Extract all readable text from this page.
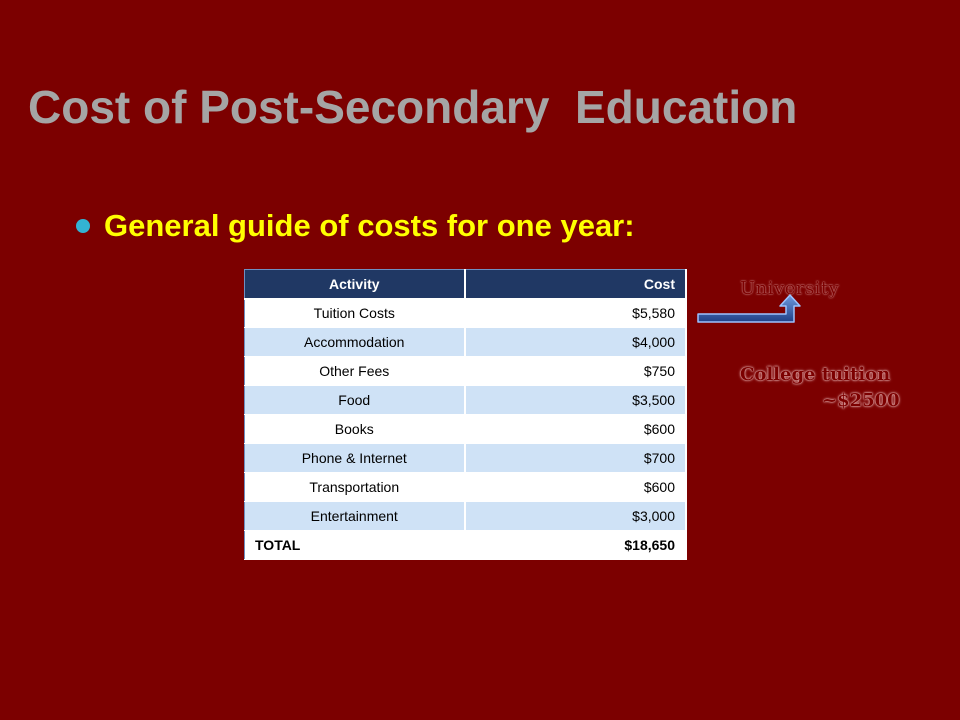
Cost of Post-Secondary  Education
General guide of costs for one year:
Activity	Cost
Tuition Costs	$5,580
Accommodation	$4,000
Other Fees	$750
Food	$3,500
Books	$600
Phone & Internet	$700
Transportation	$600
Entertainment	$3,000
TOTAL	$18,650
University
College tuition
~$2500
